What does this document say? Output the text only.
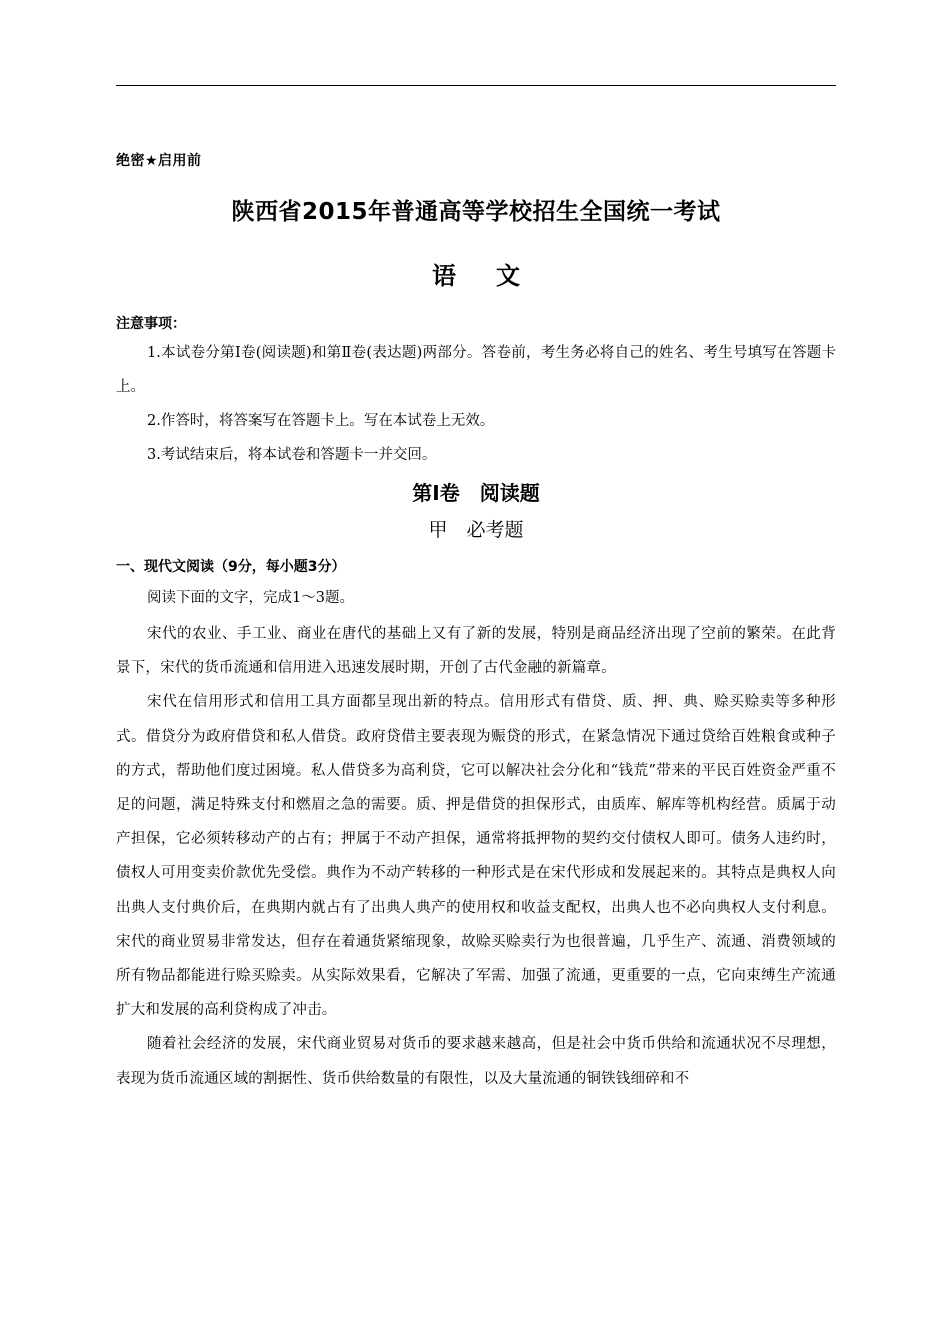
绝密★启用前
陕西省2015年普通高等学校招生全国统一考试
语文
注意事项：

1.本试卷分第Ⅰ卷(阅读题)和第Ⅱ卷(表达题)两部分。答卷前，考生务必将自己的姓名、考生号填写在答题卡上。

2.作答时，将答案写在答题卡上。写在本试卷上无效。

3.考试结束后，将本试卷和答题卡一并交回。

第Ⅰ卷　阅读题
甲　必考题
一、现代文阅读（9分，每小题3分）
阅读下面的文字，完成1～3题。

宋代的农业、手工业、商业在唐代的基础上又有了新的发展，特别是商品经济出现了空前的繁荣。在此背景下，宋代的货币流通和信用进入迅速发展时期，开创了古代金融的新篇章。

宋代在信用形式和信用工具方面都呈现出新的特点。信用形式有借贷、质、押、典、赊买赊卖等多种形式。借贷分为政府借贷和私人借贷。政府贷借主要表现为赈贷的形式，在紧急情况下通过贷给百姓粮食或种子的方式，帮助他们度过困境。私人借贷多为高利贷，它可以解决社会分化和“钱荒”带来的平民百姓资金严重不足的问题，满足特殊支付和燃眉之急的需要。质、押是借贷的担保形式，由质库、解库等机构经营。质属于动产担保，它必须转移动产的占有；押属于不动产担保，通常将抵押物的契约交付债权人即可。债务人违约时，债权人可用变卖价款优先受偿。典作为不动产转移的一种形式是在宋代形成和发展起来的。其特点是典权人向出典人支付典价后，在典期内就占有了出典人典产的使用权和收益支配权，出典人也不必向典权人支付利息。宋代的商业贸易非常发达，但存在着通货紧缩现象，故赊买赊卖行为也很普遍，几乎生产、流通、消费领域的所有物品都能进行赊买赊卖。从实际效果看，它解决了军需、加强了流通，更重要的一点，它向束缚生产流通扩大和发展的高利贷构成了冲击。

随着社会经济的发展，宋代商业贸易对货币的要求越来越高，但是社会中货币供给和流通状况不尽理想，表现为货币流通区域的割据性、货币供给数量的有限性，以及大量流通的铜铁钱细碎和不
